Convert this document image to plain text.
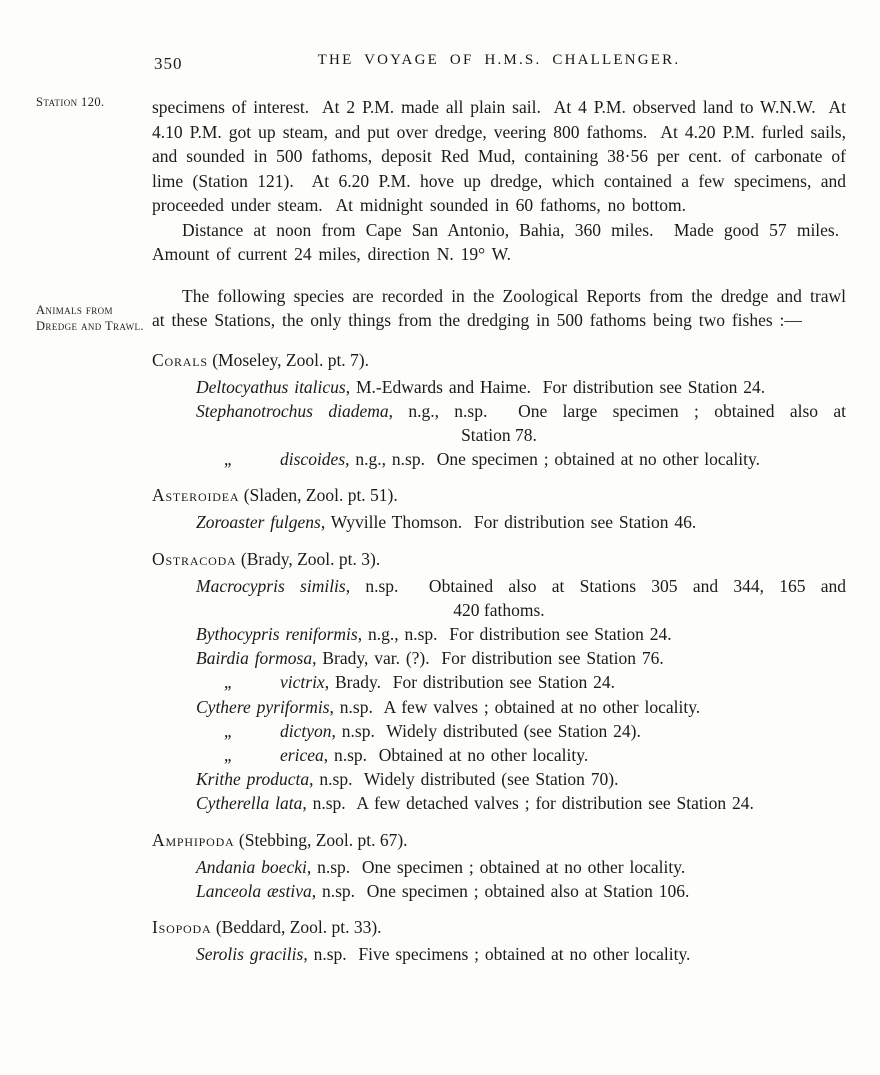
Station 120.
Animals from Dredge and Trawl.
350	THE VOYAGE OF H.M.S. CHALLENGER.

specimens of interest.  At 2 P.M. made all plain sail.  At 4 P.M. observed land to W.N.W.  At 4.10 P.M. got up steam, and put over dredge, veering 800 fathoms.  At 4.20 P.M. furled sails, and sounded in 500 fathoms, deposit Red Mud, containing 38·56 per cent. of carbonate of lime (Station 121).  At 6.20 P.M. hove up dredge, which contained a few specimens, and proceeded under steam.  At midnight sounded in 60 fathoms, no bottom.

Distance at noon from Cape San Antonio, Bahia, 360 miles.  Made good 57 miles.  Amount of current 24 miles, direction N. 19° W.

The following species are recorded in the Zoological Reports from the dredge and trawl at these Stations, the only things from the dredging in 500 fathoms being two fishes :—

Corals (Moseley, Zool. pt. 7).
Deltocyathus italicus, M.-Edwards and Haime.  For distribution see Station 24.
Stephanotrochus diadema, n.g., n.sp.  One large specimen ; obtained also at
Station 78.
,,	discoides, n.g., n.sp.  One specimen ; obtained at no other locality.
Asteroidea (Sladen, Zool. pt. 51).
Zoroaster fulgens, Wyville Thomson.  For distribution see Station 46.
Ostracoda (Brady, Zool. pt. 3).
Macrocypris similis, n.sp.  Obtained also at Stations 305 and 344, 165 and
420 fathoms.
Bythocypris reniformis, n.g., n.sp.  For distribution see Station 24.
Bairdia formosa, Brady, var. (?).  For distribution see Station 76.
,,	victrix, Brady.  For distribution see Station 24.
Cythere pyriformis, n.sp.  A few valves ; obtained at no other locality.
,,	dictyon, n.sp.  Widely distributed (see Station 24).
,,	ericea, n.sp.  Obtained at no other locality.
Krithe producta, n.sp.  Widely distributed (see Station 70).
Cytherella lata, n.sp.  A few detached valves ; for distribution see Station 24.
Amphipoda (Stebbing, Zool. pt. 67).
Andania boecki, n.sp.  One specimen ; obtained at no other locality.
Lanceola æstiva, n.sp.  One specimen ; obtained also at Station 106.
Isopoda (Beddard, Zool. pt. 33).
Serolis gracilis, n.sp.  Five specimens ; obtained at no other locality.
